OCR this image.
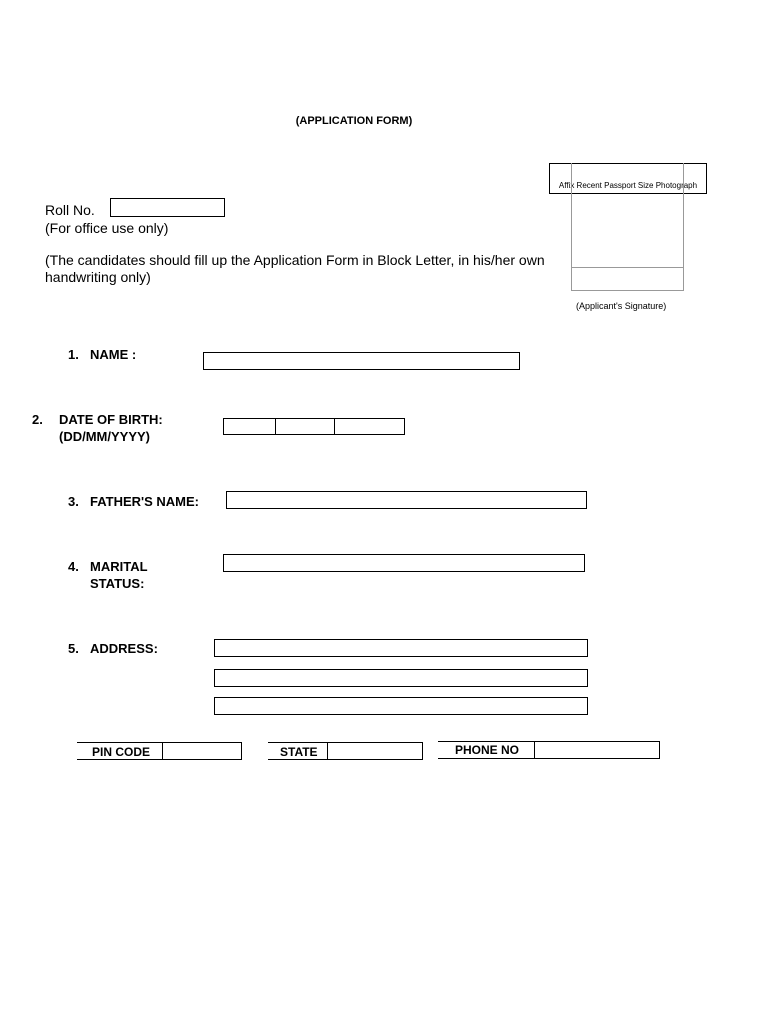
(APPLICATION FORM)
Affix Recent Passport Size Photograph
(Applicant's Signature)
Roll No.
(For office use only)
(The candidates should fill up the Application Form in Block Letter, in his/her own
handwriting only)
1. NAME :
2. DATE OF BIRTH:
(DD/MM/YYYY)
3. FATHER'S NAME:
4. MARITAL
STATUS:
5. ADDRESS:
PIN CODE	STATE	PHONE NO
